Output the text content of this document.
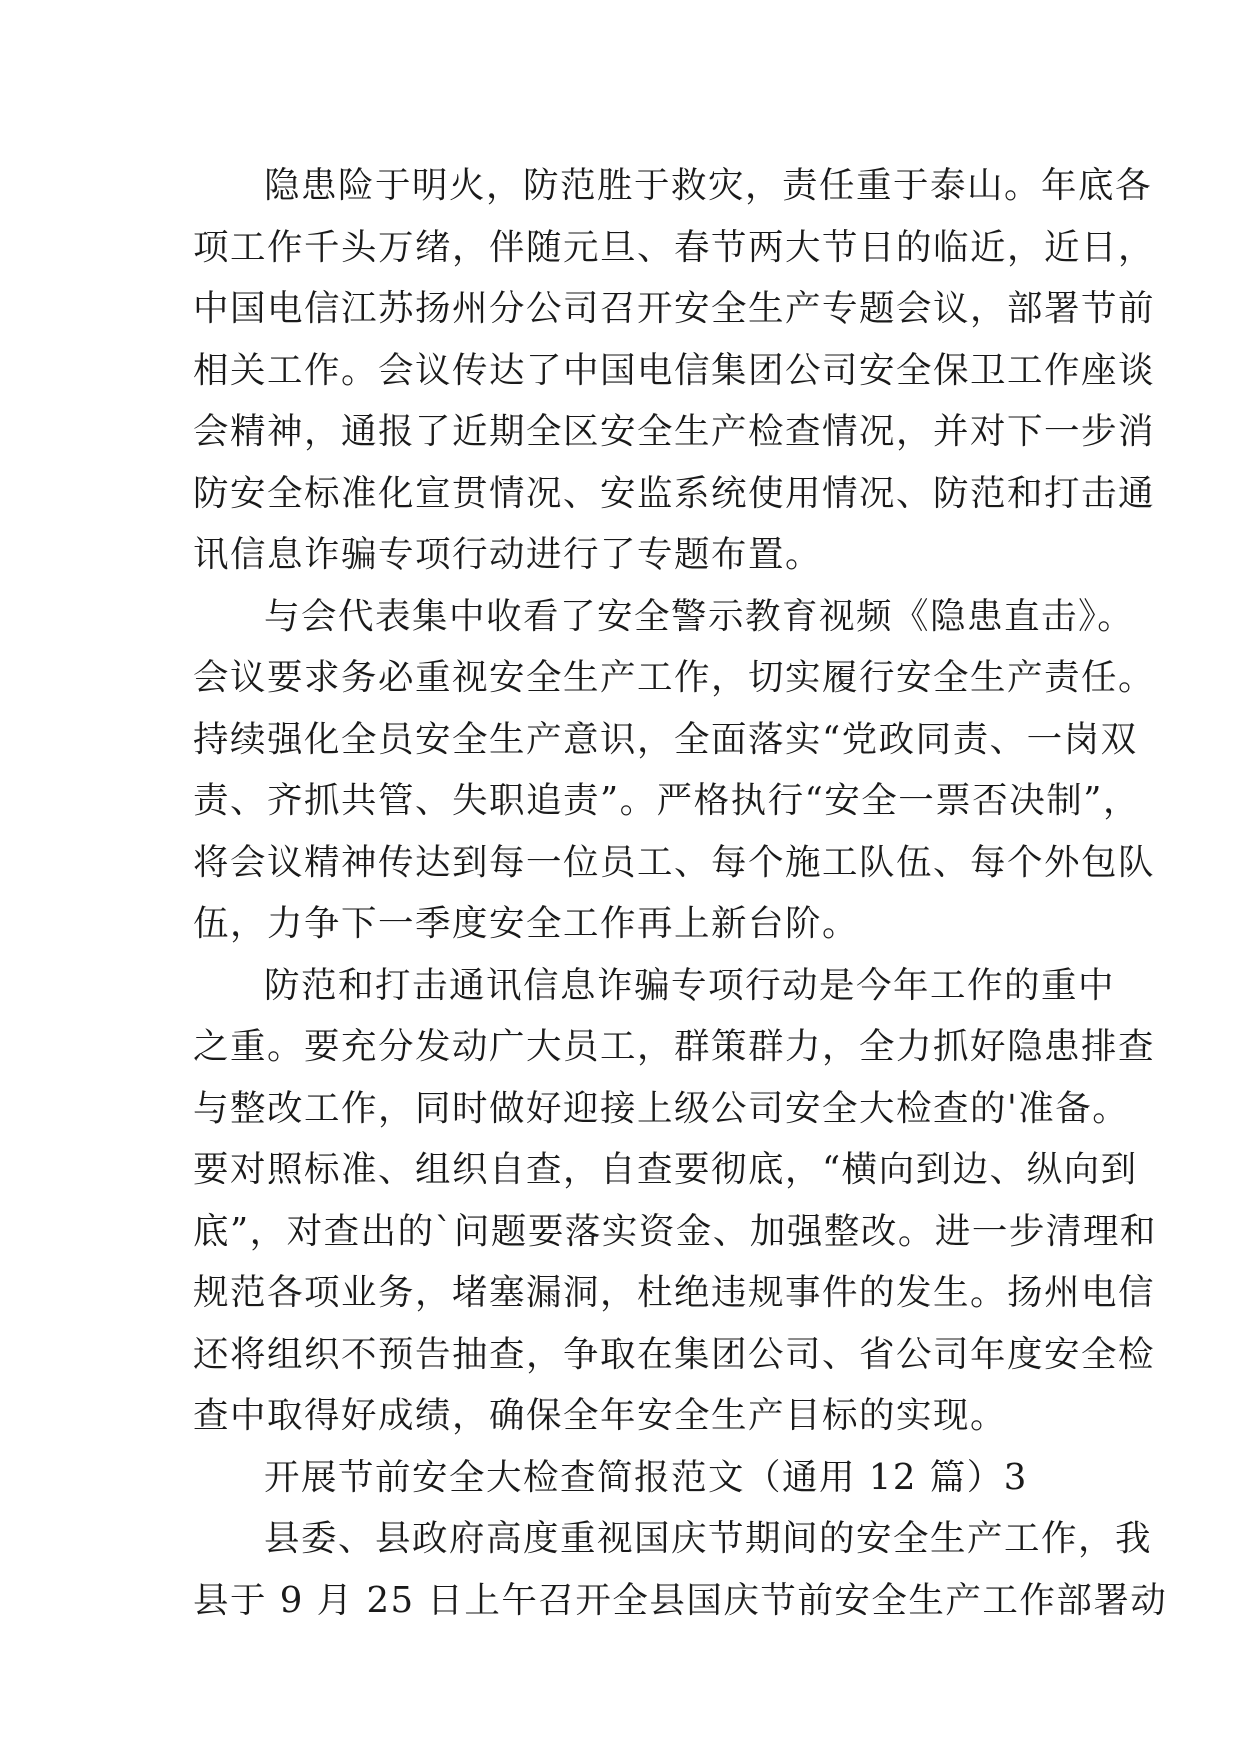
隐患险于明火，防范胜于救灾，责任重于泰山。年底各
项工作千头万绪，伴随元旦、春节两大节日的临近，近日，
中国电信江苏扬州分公司召开安全生产专题会议，部署节前
相关工作。会议传达了中国电信集团公司安全保卫工作座谈
会精神，通报了近期全区安全生产检查情况，并对下一步消
防安全标准化宣贯情况、安监系统使用情况、防范和打击通
讯信息诈骗专项行动进行了专题布置。
与会代表集中收看了安全警示教育视频《隐患直击》。
会议要求务必重视安全生产工作，切实履行安全生产责任。
持续强化全员安全生产意识，全面落实“党政同责、一岗双
责、齐抓共管、失职追责”。严格执行“安全一票否决制”，
将会议精神传达到每一位员工、每个施工队伍、每个外包队
伍，力争下一季度安全工作再上新台阶。
防范和打击通讯信息诈骗专项行动是今年工作的重中
之重。要充分发动广大员工，群策群力，全力抓好隐患排查
与整改工作，同时做好迎接上级公司安全大检查的'准备。
要对照标准、组织自查，自查要彻底，“横向到边、纵向到
底”，对查出的`问题要落实资金、加强整改。进一步清理和
规范各项业务，堵塞漏洞，杜绝违规事件的发生。扬州电信
还将组织不预告抽查，争取在集团公司、省公司年度安全检
查中取得好成绩，确保全年安全生产目标的实现。
开展节前安全大检查简报范文（通用 12 篇）3
县委、县政府高度重视国庆节期间的安全生产工作，我
县于 9 月 25 日上午召开全县国庆节前安全生产工作部署动
